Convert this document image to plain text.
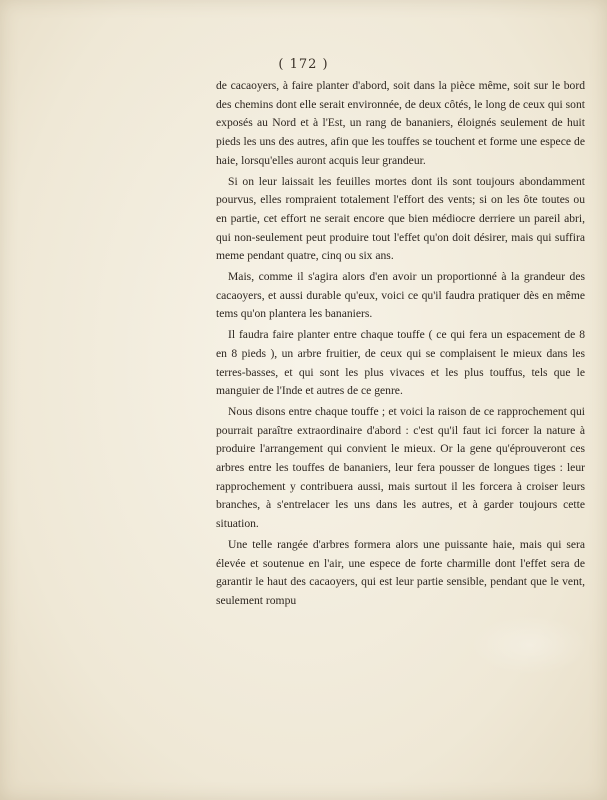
( 172 )

de cacaoyers, à faire planter d'abord, soit dans la pièce même, soit sur le bord des chemins dont elle serait environnée, de deux côtés, le long de ceux qui sont exposés au Nord et à l'Est, un rang de bananiers, éloignés seulement de huit pieds les uns des autres, afin que les touffes se touchent et forme une espece de haie, lorsqu'elles auront acquis leur grandeur.

Si on leur laissait les feuilles mortes dont ils sont toujours abondamment pourvus, elles rompraient totalement l'effort des vents; si on les ôte toutes ou en partie, cet effort ne serait encore que bien médiocre derriere un pareil abri, qui non-seulement peut produire tout l'effet qu'on doit désirer, mais qui suffira meme pendant quatre, cinq ou six ans.

Mais, comme il s'agira alors d'en avoir un proportionné à la grandeur des cacaoyers, et aussi durable qu'eux, voici ce qu'il faudra pratiquer dès en même tems qu'on plantera les bananiers.

Il faudra faire planter entre chaque touffe ( ce qui fera un espacement de 8 en 8 pieds ), un arbre fruitier, de ceux qui se complaisent le mieux dans les terres-basses, et qui sont les plus vivaces et les plus touffus, tels que le manguier de l'Inde et autres de ce genre.

Nous disons entre chaque touffe ; et voici la raison de ce rapprochement qui pourrait paraître extraordinaire d'abord : c'est qu'il faut ici forcer la nature à produire l'arrangement qui convient le mieux. Or la gene qu'éprouveront ces arbres entre les touffes de bananiers, leur fera pousser de longues tiges : leur rapprochement y contribuera aussi, mais surtout il les forcera à croiser leurs branches, à s'entrelacer les uns dans les autres, et à garder toujours cette situation.

Une telle rangée d'arbres formera alors une puissante haie, mais qui sera élevée et soutenue en l'air, une espece de forte charmille dont l'effet sera de garantir le haut des cacaoyers, qui est leur partie sensible, pendant que le vent, seulement rompu
